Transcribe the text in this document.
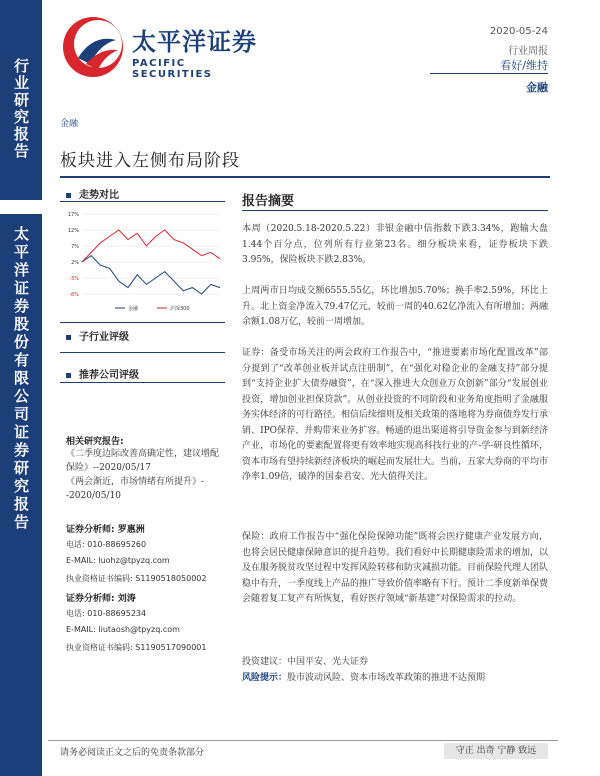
行业研究报告
太平洋证券股份有限公司证券研究报告
太平洋证券
PACIFIC SECURITIES
2020-05-24
行业周报
看好/维持
金融
金融
板块进入左侧布局阶段
走势对比
17%
12%
7%
2%
-3%
-8%
金融	沪深300
子行业评级
推荐公司评级
相关研究报告:
《二季度边际改善高确定性，建议增配保险》--2020/05/17
《两会渐近，市场情绪有所提升》--2020/05/10
证券分析师: 罗惠洲
电话: 010-88695260
E-MAIL: luohz@tpyzq.com
执业资格证书编码: S1190518050002
证券分析师: 刘涛
电话: 010-88695234
E-MAIL: liutaosh@tpyzq.com
执业资格证书编码: S1190517090001
报告摘要
本周（2020.5.18-2020.5.22）非银金融中信指数下跌3.34%，跑输大盘1.44个百分点，位列所有行业第23名。细分板块来看，证券板块下跌3.95%，保险板块下跌2.83%。
上周两市日均成交额6555.55亿，环比增加5.70%；换手率2.59%，环比上升。北上资金净流入79.47亿元，较前一周的40.62亿净流入有所增加；两融余额1.08万亿，较前一周增加。
证券：备受市场关注的两会政府工作报告中，“推进要素市场化配置改革”部分提到了“改革创业板并试点注册制”，在“强化对稳企业的金融支持”部分提到“支持企业扩大债券融资”，在“深入推进大众创业万众创新”部分“发展创业投资，增加创业担保贷款”。从创业投资的不同阶段和业务角度指明了金融服务实体经济的可行路径。相信后续细则及相关政策的落地将为券商债券发行承销、IPO保荐、并购带来业务扩容。畅通的退出渠道将引导资金参与到新经济产业，市场化的要素配置将更有效率地实现高科技行业的产-学-研良性循环，资本市场有望持续新经济板块的崛起而发展壮大。当前，五家大券商的平均市净率1.09倍，破净的国泰君安、光大值得关注。
保险：政府工作报告中“强化保险保障功能”既将会医疗健康产业发展方向，也将会居民健康保障意识的提升趋势。我们看好中长期健康险需求的增加，以及在服务脱贫攻坚过程中发挥风险转移和防灾减损功能。目前保险代理人团队稳中有升，一季度线上产品的推广导致价值率略有下行。预计二季度新单保费会随着复工复产有所恢复，看好医疗领域“新基建”对保险需求的拉动。
投资建议：中国平安、光大证券
风险提示：股市波动风险、资本市场改革政策的推进不达预期
请务必阅读正文之后的免责条款部分	守正 出奇 宁静 致远
